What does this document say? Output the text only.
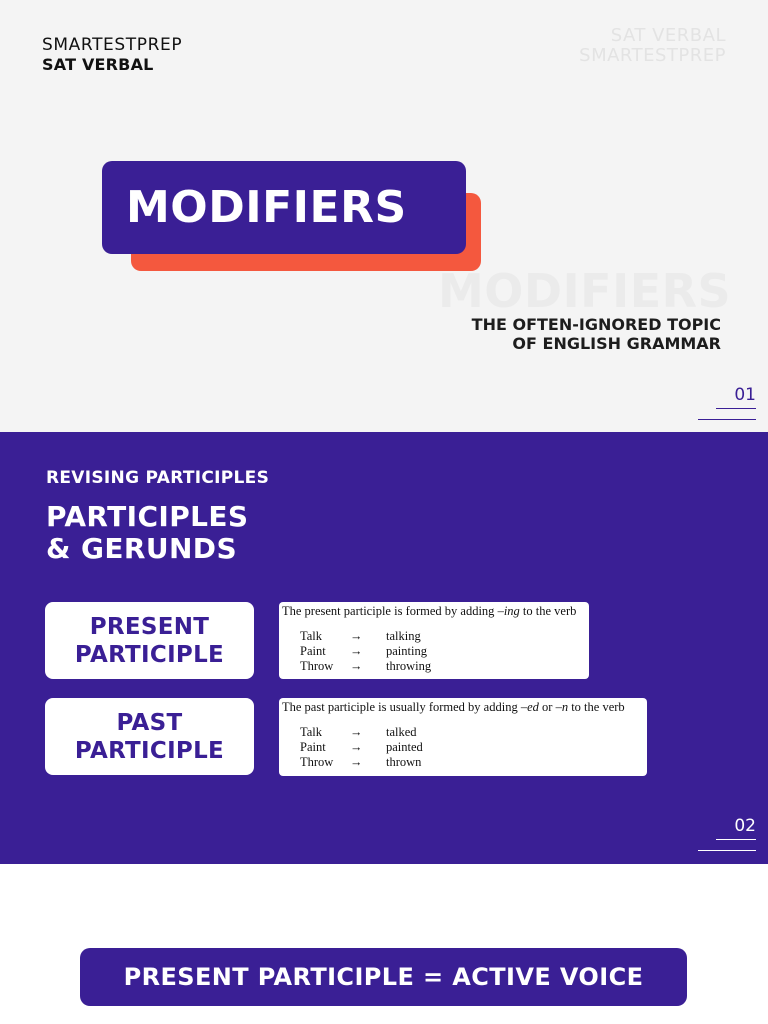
SMARTESTPREP
SAT VERBAL
SAT VERBAL
SMARTESTPREP
MODIFIERS
MODIFIERS
THE OFTEN-IGNORED TOPIC
OF ENGLISH GRAMMAR
01
REVISING PARTICIPLES
PARTICIPLES
& GERUNDS
PRESENT
PARTICIPLE
The present participle is formed by adding –ing to the verb
Talk	→	talking
Paint	→	painting
Throw	→	throwing
PAST
PARTICIPLE
The past participle is usually formed by adding –ed or –n to the verb
Talk	→	talked
Paint	→	painted
Throw	→	thrown
02
PRESENT PARTICIPLE = ACTIVE VOICE
